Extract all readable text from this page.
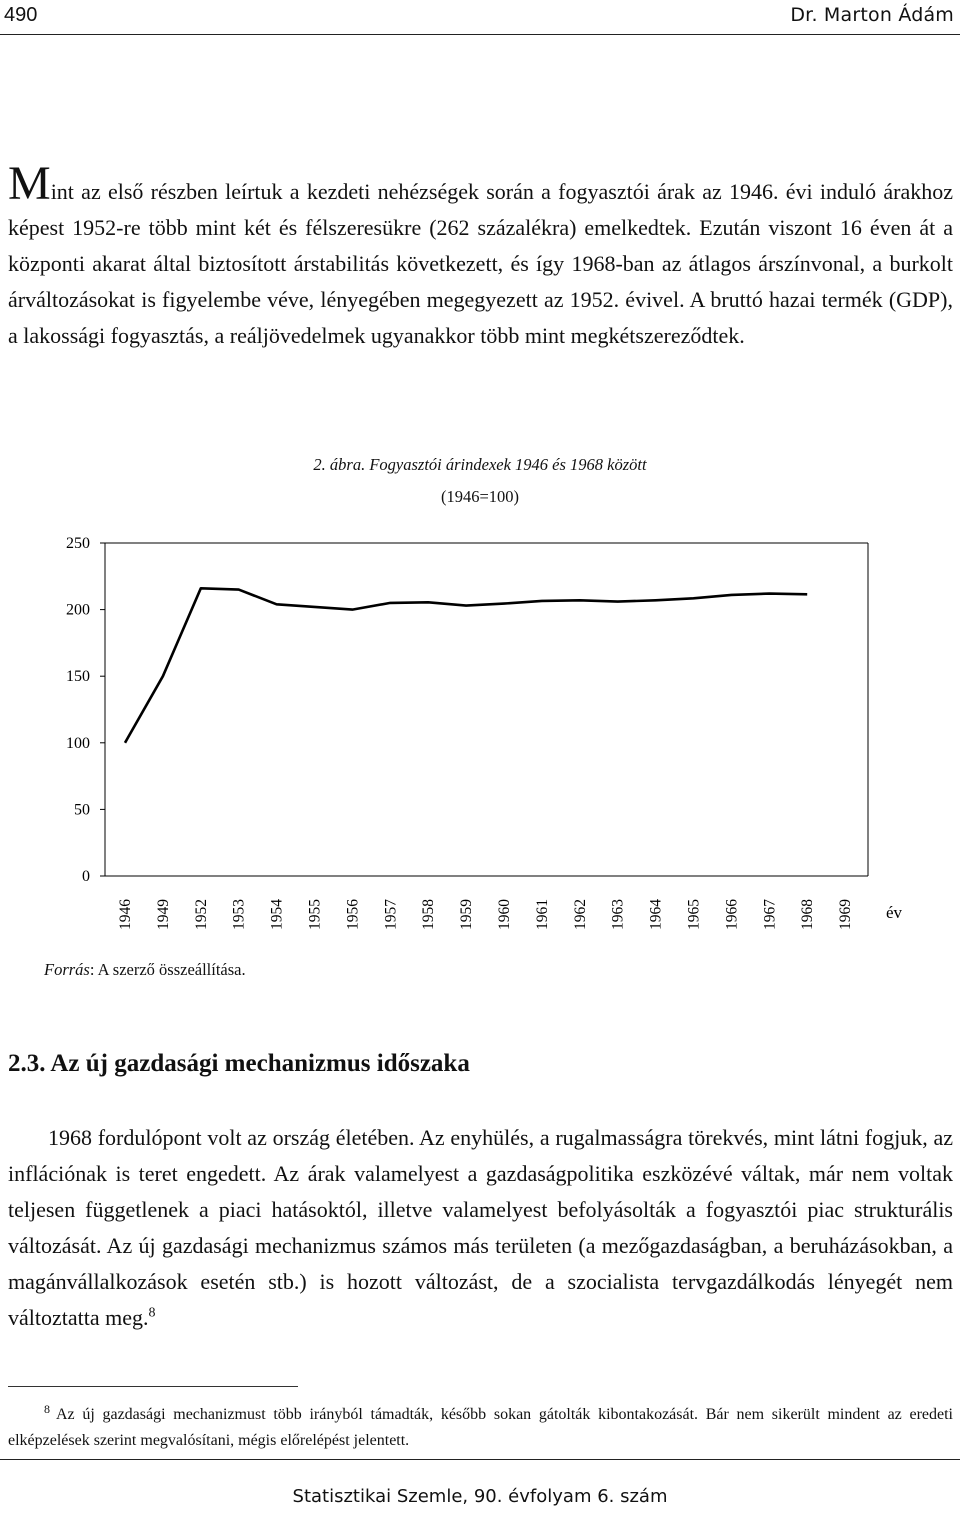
490	Dr. Marton Ádám

Mint az első részben leírtuk a kezdeti nehézségek során a fogyasztói árak az 1946. évi induló árakhoz képest 1952-re több mint két és félszeresükre (262 százalékra) emelkedtek. Ezután viszont 16 éven át a központi akarat által biztosított árstabilitás következett, és így 1968-ban az átlagos árszínvonal, a burkolt árváltozásokat is figyelembe véve, lényegében megegyezett az 1952. évivel. A bruttó hazai termék (GDP), a lakossági fogyasztás, a reáljövedelmek ugyanakkor több mint megkétszereződtek.

2. ábra. Fogyasztói árindexek 1946 és 1968 között
(1946=100)
0
50
100
150
200
250
1946 1949 1952 1953 1954 1955 1956 1957 1958 1959 1960 1961 1962 1963 1964 1965 1966 1967 1968 1969 év
Forrás: A szerző összeállítása.
2.3. Az új gazdasági mechanizmus időszaka

1968 fordulópont volt az ország életében. Az enyhülés, a rugalmasságra törekvés, mint látni fogjuk, az inflációnak is teret engedett. Az árak valamelyest a gazdaságpolitika eszközévé váltak, már nem voltak teljesen függetlenek a piaci hatásoktól, illetve valamelyest befolyásolták a fogyasztói piac strukturális változását. Az új gazdasági mechanizmus számos más területen (a mezőgazdaságban, a beruházásokban, a magánvállalkozások esetén stb.) is hozott változást, de a szocialista tervgazdálkodás lényegét nem változtatta meg.$^8$

$^8$ Az új gazdasági mechanizmust több irányból támadták, később sokan gátolták kibontakozását. Bár nem sikerült mindent az eredeti elképzelések szerint megvalósítani, mégis előrelépést jelentett.
Statisztikai Szemle, 90. évfolyam 6. szám
